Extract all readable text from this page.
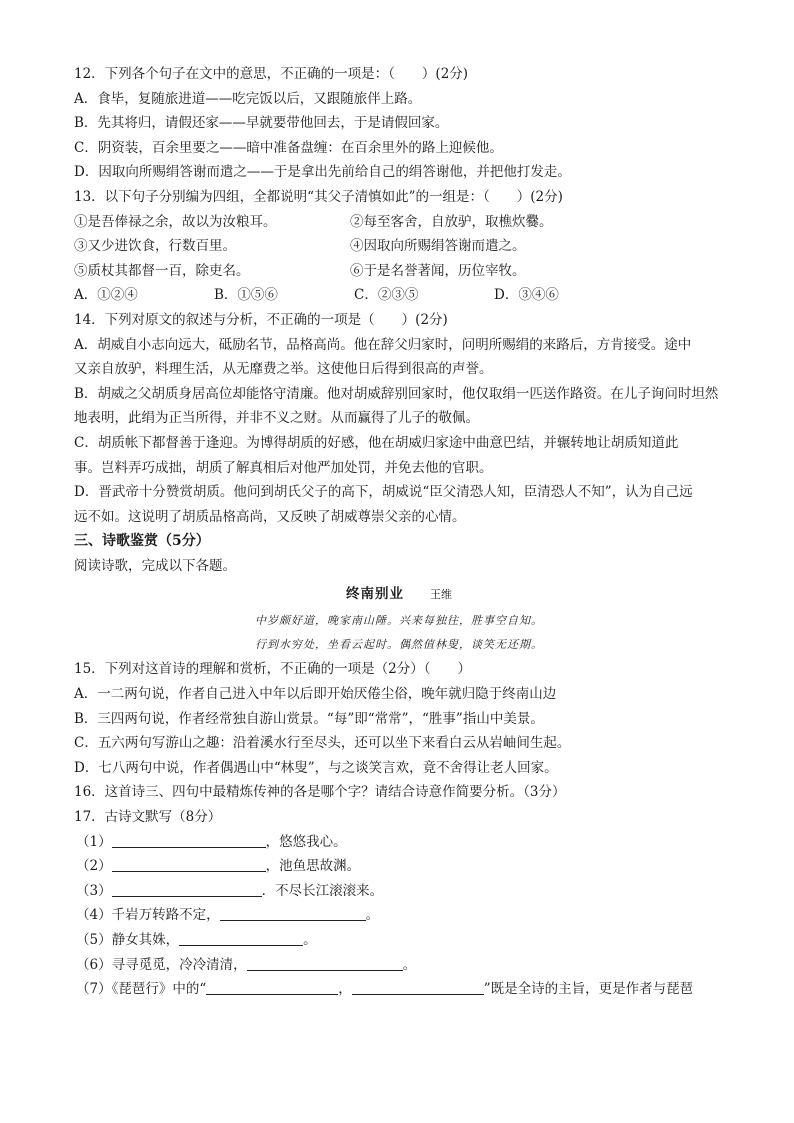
12．下列各个句子在文中的意思，不正确的一项是：（　　）(2分)
A．食毕，复随旅进道——吃完饭以后，又跟随旅伴上路。
B．先其将归，请假还家——早就要带他回去，于是请假回家。
C．阴资装，百余里要之——暗中准备盘缠：在百余里外的路上迎候他。
D．因取向所赐绢答谢而遣之——于是拿出先前给自己的绢答谢他，并把他打发走。
13．以下句子分别编为四组，全都说明“其父子清慎如此”的一组是：（　　）(2分)
①是吾俸禄之余，故以为汝粮耳。	②每至客舍，自放驴，取樵炊爨。
③又少进饮食，行数百里。	④因取向所赐绢答谢而遣之。
⑤质杖其都督一百，除吏名。	⑥于是名誉著闻，历位宰牧。
A．①②④	B．①⑤⑥	C．②③⑤	D．③④⑥
14．下列对原文的叙述与分析，不正确的一项是（　　）(2分)
A．胡威自小志向远大，砥励名节，品格高尚。他在辞父归家时，问明所赐绢的来路后，方肯接受。途中
又亲自放驴，料理生活，从无靡费之举。这使他日后得到很高的声誉。
B．胡威之父胡质身居高位却能恪守清廉。他对胡威辞别回家时，他仅取绢一匹送作路资。在儿子询问时坦然
地表明，此绢为正当所得，并非不义之财。从而赢得了儿子的敬佩。
C．胡质帐下都督善于逢迎。为博得胡质的好感，他在胡威归家途中曲意巴结，并辗转地让胡质知道此
事。岂料弄巧成拙，胡质了解真相后对他严加处罚，并免去他的官职。
D．晋武帝十分赞赏胡质。他问到胡氏父子的高下，胡威说“臣父清恐人知，臣清恐人不知”，认为自己远
远不如。这说明了胡质品格高尚，又反映了胡威尊崇父亲的心情。
三、诗歌鉴赏（5分）
阅读诗歌，完成以下各题。
终南别业 王维
中岁颇好道，晚家南山陲。兴来每独往，胜事空自知。
行到水穷处，坐看云起时。偶然值林叟，谈笑无还期。
15．下列对这首诗的理解和赏析，不正确的一项是（2分）（　　）
A．一二两句说，作者自己进入中年以后即开始厌倦尘俗，晚年就归隐于终南山边
B．三四两句说，作者经常独自游山赏景。“每”即“常常”，“胜事”指山中美景。
C．五六两句写游山之趣：沿着溪水行至尽头，还可以坐下来看白云从岩岫间生起。
D．七八两句中说，作者偶遇山中“林叟”，与之谈笑言欢，竟不舍得让老人回家。
16．这首诗三、四句中最精炼传神的各是哪个字？请结合诗意作简要分析。（3分）
17．古诗文默写（8分）
（1）	，悠悠我心。
（2）	，池鱼思故渊。
（3）	．不尽长江滚滚来。
（4）千岩万转路不定，	。
（5）静女其姝，	。
（6）寻寻觅觅，冷冷清清，	。
（7）《琵琶行》中的“	，	”既是全诗的主旨，更是作者与琵琶
